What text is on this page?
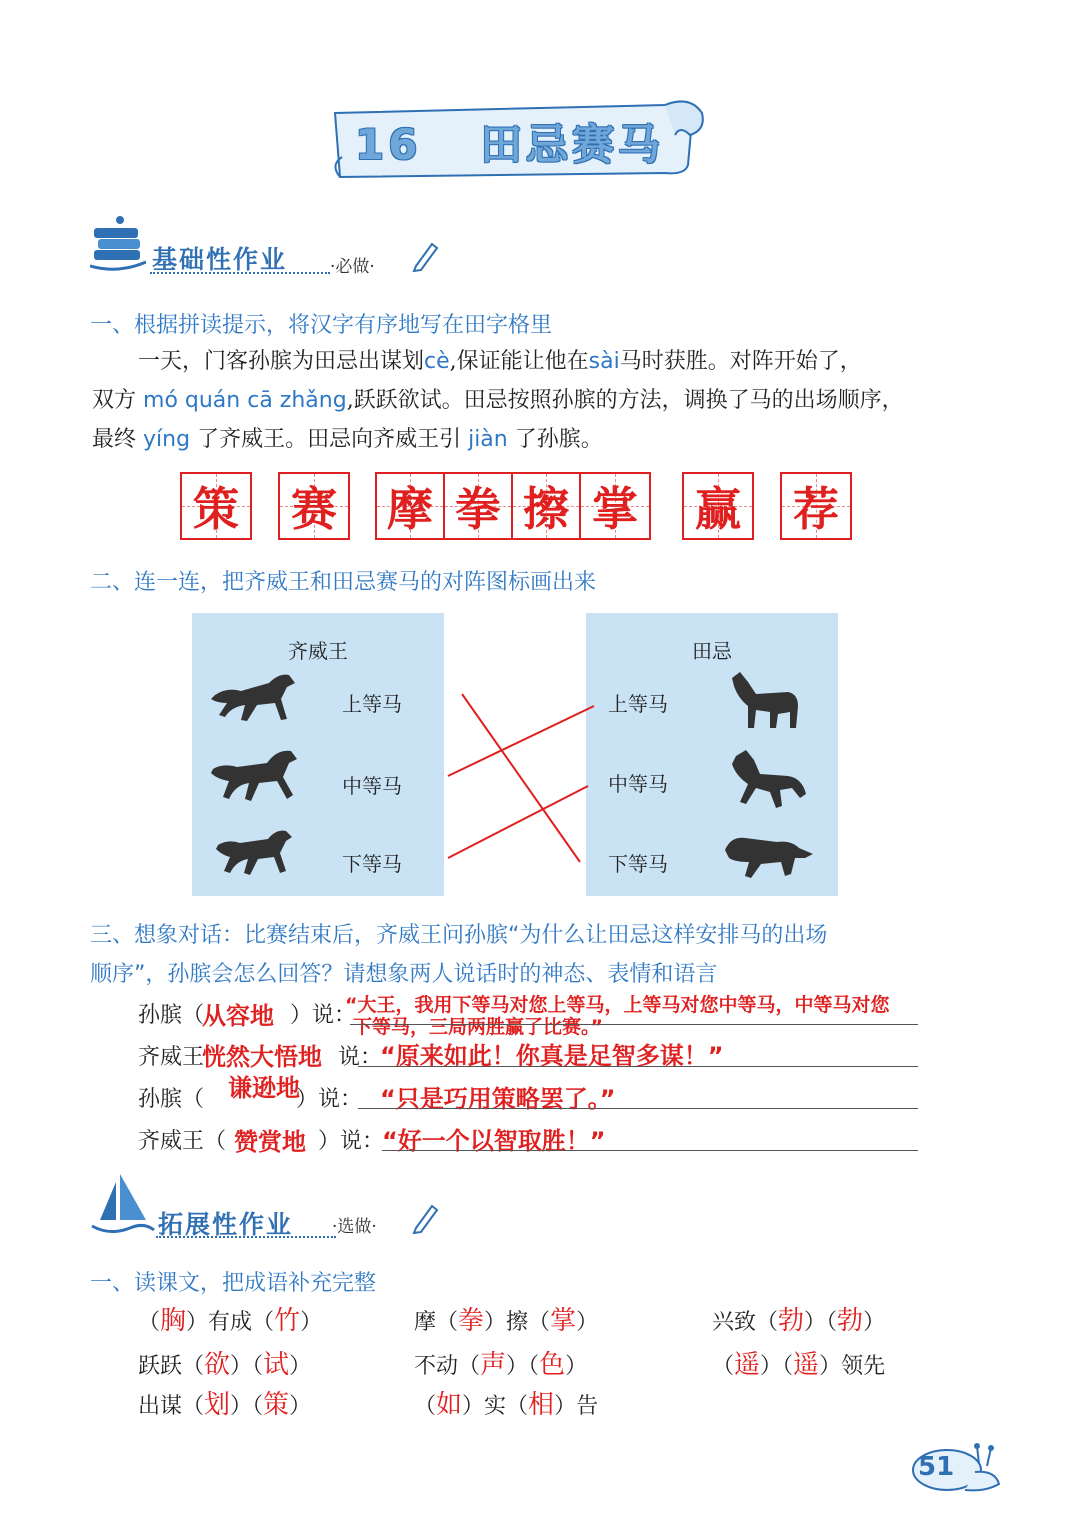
16 田忌赛马
基础性作业	·必做·
一、根据拼读提示，将汉字有序地写在田字格里
一天，门客孙膑为田忌出谋划cè,保证能让他在sài马时获胜。对阵开始了，
双方 mó quán cā zhǎng,跃跃欲试。田忌按照孙膑的方法，调换了马的出场顺序，
最终 yíng 了齐威王。田忌向齐威王引 jiàn 了孙膑。
策 赛 摩 拳 擦 掌 赢 荐
二、连一连，把齐威王和田忌赛马的对阵图标画出来
齐威王
上等马
中等马
下等马
田忌
上等马
中等马
下等马
三、想象对话：比赛结束后，齐威王问孙膑“为什么让田忌这样安排马的出场
顺序”，孙膑会怎么回答？请想象两人说话时的神态、表情和语言
孙膑（
从容地 ）说：
“大王，我用下等马对您上等马，上等马对您中等马，中等马对您
下等马，三局两胜赢了比赛。”
齐威王
恍然大悟地 说：
“原来如此！你真是足智多谋！”
孙膑（ 谦逊地
）说： “只是巧用策略罢了。”
齐威王（ 赞赏地 ）说：
“好一个以智取胜！”
拓展性作业 ·选做·
一、读课文，把成语补充完整
（胸）有成（竹）	摩（拳）擦（掌）	兴致（勃）（勃）
跃跃（欲）（试）	不动（声）（色）	（遥）（遥）领先
出谋（划）（策）	（如）实（相）告
51
